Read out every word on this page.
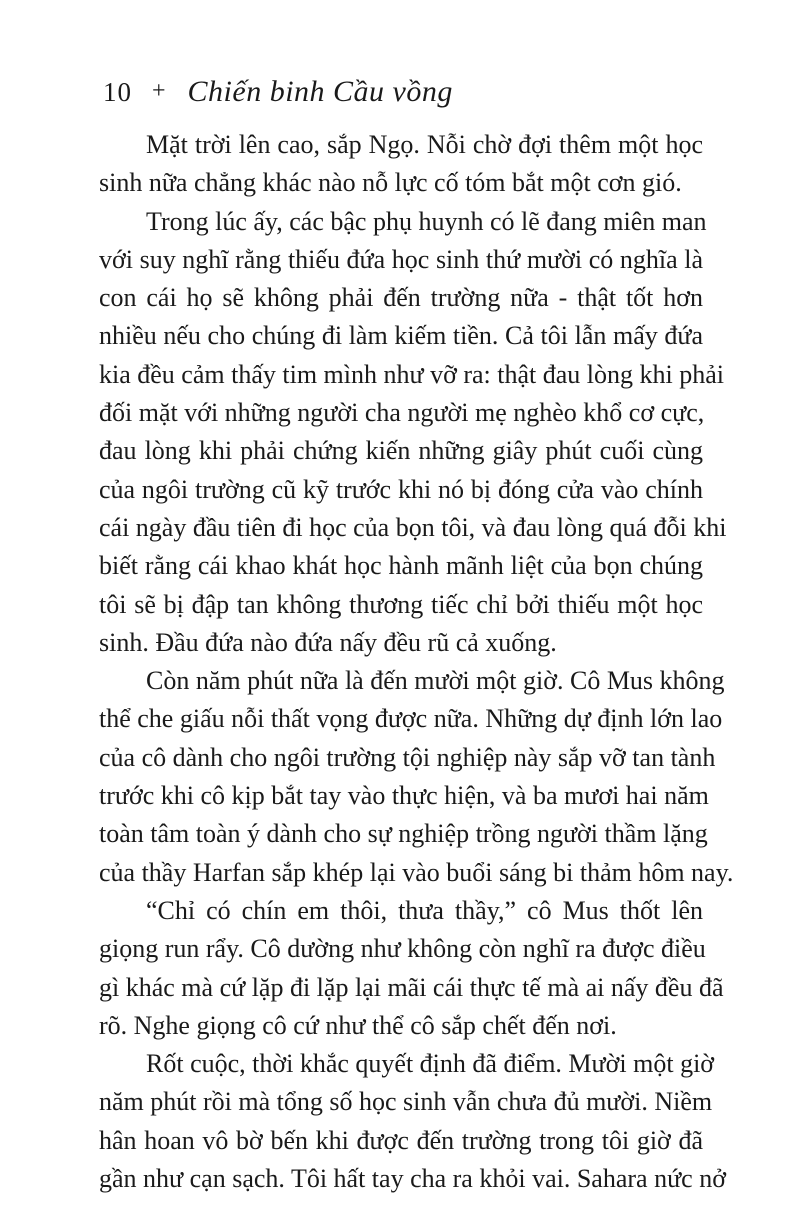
10 + Chiến binh Cầu vồng

Mặt trời lên cao, sắp Ngọ. Nỗi chờ đợi thêm một học
sinh nữa chẳng khác nào nỗ lực cố tóm bắt một cơn gió.

Trong lúc ấy, các bậc phụ huynh có lẽ đang miên man
với suy nghĩ rằng thiếu đứa học sinh thứ mười có nghĩa là
con cái họ sẽ không phải đến trường nữa - thật tốt hơn
nhiều nếu cho chúng đi làm kiếm tiền. Cả tôi lẫn mấy đứa
kia đều cảm thấy tim mình như vỡ ra: thật đau lòng khi phải
đối mặt với những người cha người mẹ nghèo khổ cơ cực,
đau lòng khi phải chứng kiến những giây phút cuối cùng
của ngôi trường cũ kỹ trước khi nó bị đóng cửa vào chính
cái ngày đầu tiên đi học của bọn tôi, và đau lòng quá đỗi khi
biết rằng cái khao khát học hành mãnh liệt của bọn chúng
tôi sẽ bị đập tan không thương tiếc chỉ bởi thiếu một học
sinh. Đầu đứa nào đứa nấy đều rũ cả xuống.

Còn năm phút nữa là đến mười một giờ. Cô Mus không
thể che giấu nỗi thất vọng được nữa. Những dự định lớn lao
của cô dành cho ngôi trường tội nghiệp này sắp vỡ tan tành
trước khi cô kịp bắt tay vào thực hiện, và ba mươi hai năm
toàn tâm toàn ý dành cho sự nghiệp trồng người thầm lặng
của thầy Harfan sắp khép lại vào buổi sáng bi thảm hôm nay.

“Chỉ có chín em thôi, thưa thầy,” cô Mus thốt lên
giọng run rẩy. Cô dường như không còn nghĩ ra được điều
gì khác mà cứ lặp đi lặp lại mãi cái thực tế mà ai nấy đều đã
rõ. Nghe giọng cô cứ như thể cô sắp chết đến nơi.

Rốt cuộc, thời khắc quyết định đã điểm. Mười một giờ
năm phút rồi mà tổng số học sinh vẫn chưa đủ mười. Niềm
hân hoan vô bờ bến khi được đến trường trong tôi giờ đã
gần như cạn sạch. Tôi hất tay cha ra khỏi vai. Sahara nức nở
